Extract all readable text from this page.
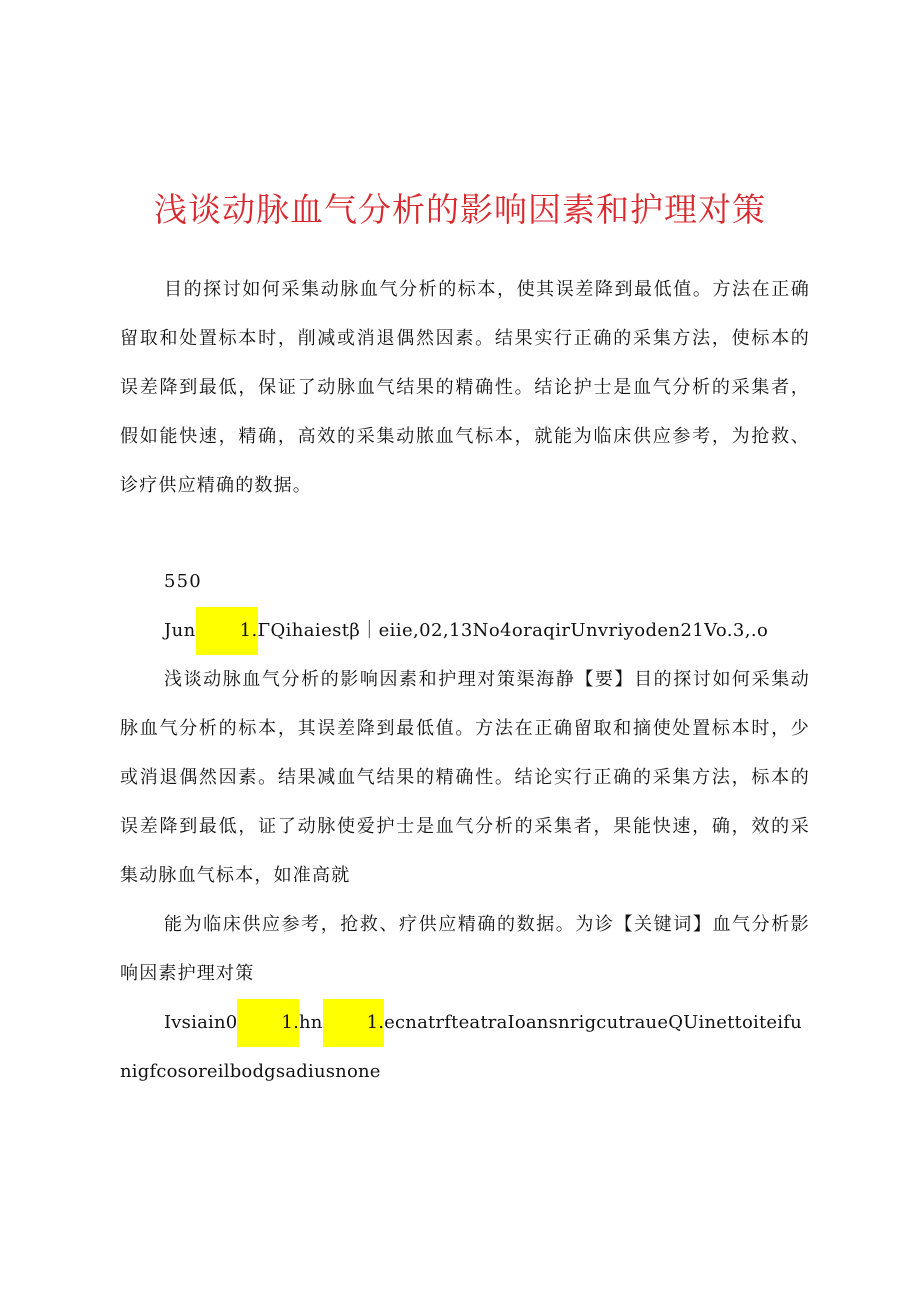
浅谈动脉血气分析的影响因素和护理对策

目的探讨如何采集动脉血气分析的标本，使其误差降到最低值。方法在正确留取和处置标本时，削减或消退偶然因素。结果实行正确的采集方法，使标本的误差降到最低，保证了动脉血气结果的精确性。结论护士是血气分析的采集者，假如能快速，精确，高效的采集动脓血气标本，就能为临床供应参考，为抢救、诊疗供应精确的数据。

550

Jun 1.ΓQihaiestβ｜eiie,02,13No4oraqirUnvriyoden21Vo.3,.o

浅谈动脉血气分析的影响因素和护理对策渠海静【要】目的探讨如何采集动脉血气分析的标本，其误差降到最低值。方法在正确留取和摘使处置标本时，少或消退偶然因素。结果减血气结果的精确性。结论实行正确的采集方法，标本的误差降到最低，证了动脉使爱护士是血气分析的采集者，果能快速，确，效的采集动脉血气标本，如准高就

能为临床供应参考，抢救、疗供应精确的数据。为诊【关键词】血气分析影响因素护理对策

Ivsiain0 1.hn 1.ecnatrfteatraIoansnrigcutraueQUinettoiteifunigfcosoreilbodgsadiusnone
